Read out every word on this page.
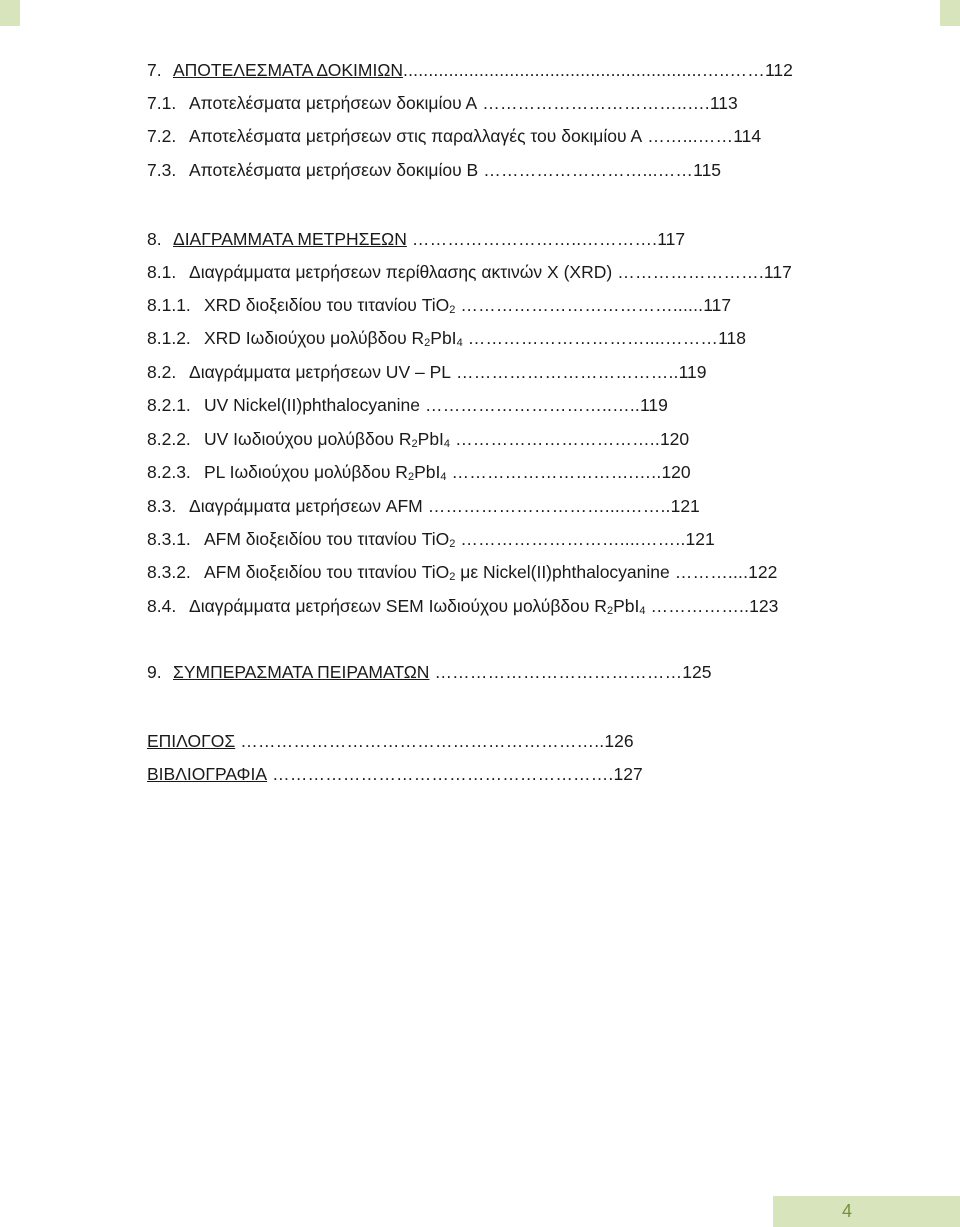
7. ΑΠΟΤΕΛΕΣΜΑΤΑ ΔΟΚΙΜΙΩΝ...........................................................…..……112
7.1. Αποτελέσματα μετρήσεων δοκιμίου Α ……………………………..….113
7.2. Αποτελέσματα μετρήσεων στις παραλλαγές του δοκιμίου Α ……...……114
7.3. Αποτελέσματα μετρήσεων δοκιμίου Β ………………………...……115
8. ΔΙΑΓΡΑΜΜΑΤΑ ΜΕΤΡΗΣΕΩΝ ………………………..………….117
8.1. Διαγράμματα μετρήσεων περίθλασης ακτινών X (XRD) …………………….117
8.1.1. XRD διοξειδίου του τιτανίου TiO$_2$ ………………………………......117
8.1.2. XRD Ιωδιούχου μολύβδου $R_2PbI_4$ …………………………....………118
8.2. Διαγράμματα μετρήσεων UV – PL ………………………………..119
8.2.1. UV Nickel(II)phthalocyanine …………………………..…..119
8.2.2. UV Ιωδιούχου μολύβδου $R_2PbI_4$ ……………………………..120
8.2.3. PL Ιωδιούχου μολύβδου $R_2PbI_4$ ………………………….…..120
8.3. Διαγράμματα μετρήσεων AFM …………………………....……..121
8.3.1. AFM διοξειδίου του τιτανίου TiO$_2$ ………………………....……..121
8.3.2. AFM διοξειδίου του τιτανίου TiO$_2$ με Nickel(II)phthalocyanine ………....122
8.4. Διαγράμματα μετρήσεων SEM Ιωδιούχου μολύβδου $R_2PbI_4$ ……………..123
9. ΣΥΜΠΕΡΑΣΜΑΤΑ ΠΕΙΡΑΜΑΤΩΝ ……………………………………125
ΕΠΙΛΟΓΟΣ ……………………………………………………..126
ΒΙΒΛΙΟΓΡΑΦΙΑ ………………………………………………….127
4
